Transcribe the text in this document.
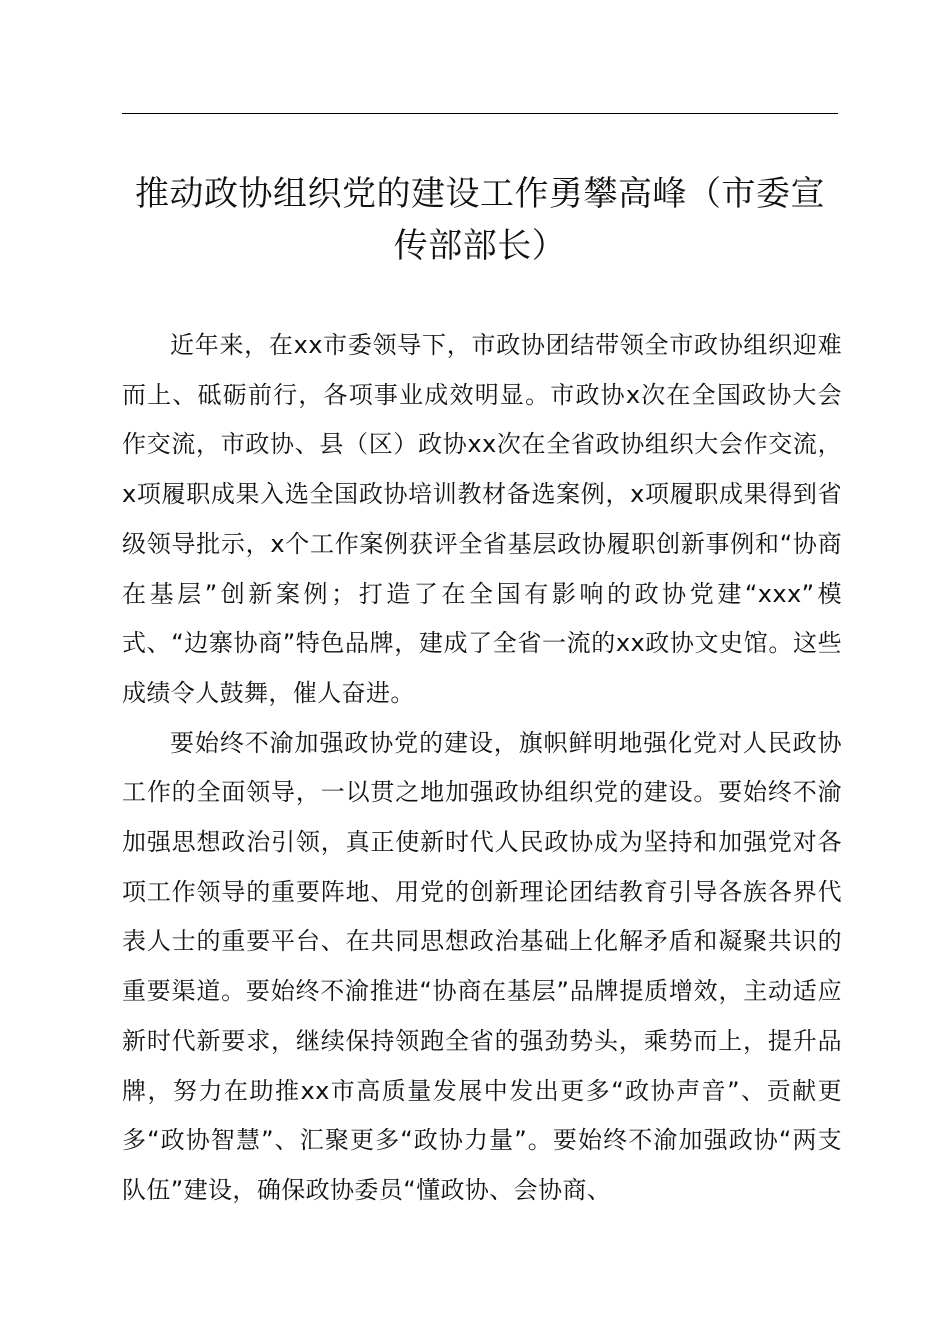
推动政协组织党的建设工作勇攀高峰（市委宣
传部部长）

近年来，在xx市委领导下，市政协团结带领全市政协组织迎难而上、砥砺前行，各项事业成效明显。市政协x次在全国政协大会作交流，市政协、县（区）政协xx次在全省政协组织大会作交流，x项履职成果入选全国政协培训教材备选案例，x项履职成果得到省级领导批示，x个工作案例获评全省基层政协履职创新事例和“协商在基层”创新案例；打造了在全国有影响的政协党建“xxx”模式、“边寨协商”特色品牌，建成了全省一流的xx政协文史馆。这些成绩令人鼓舞，催人奋进。

要始终不渝加强政协党的建设，旗帜鲜明地强化党对人民政协工作的全面领导，一以贯之地加强政协组织党的建设。要始终不渝加强思想政治引领，真正使新时代人民政协成为坚持和加强党对各项工作领导的重要阵地、用党的创新理论团结教育引导各族各界代表人士的重要平台、在共同思想政治基础上化解矛盾和凝聚共识的重要渠道。要始终不渝推进“协商在基层”品牌提质增效，主动适应新时代新要求，继续保持领跑全省的强劲势头，乘势而上，提升品牌，努力在助推xx市高质量发展中发出更多“政协声音”、贡献更多“政协智慧”、汇聚更多“政协力量”。要始终不渝加强政协“两支队伍”建设，确保政协委员“懂政协、会协商、
